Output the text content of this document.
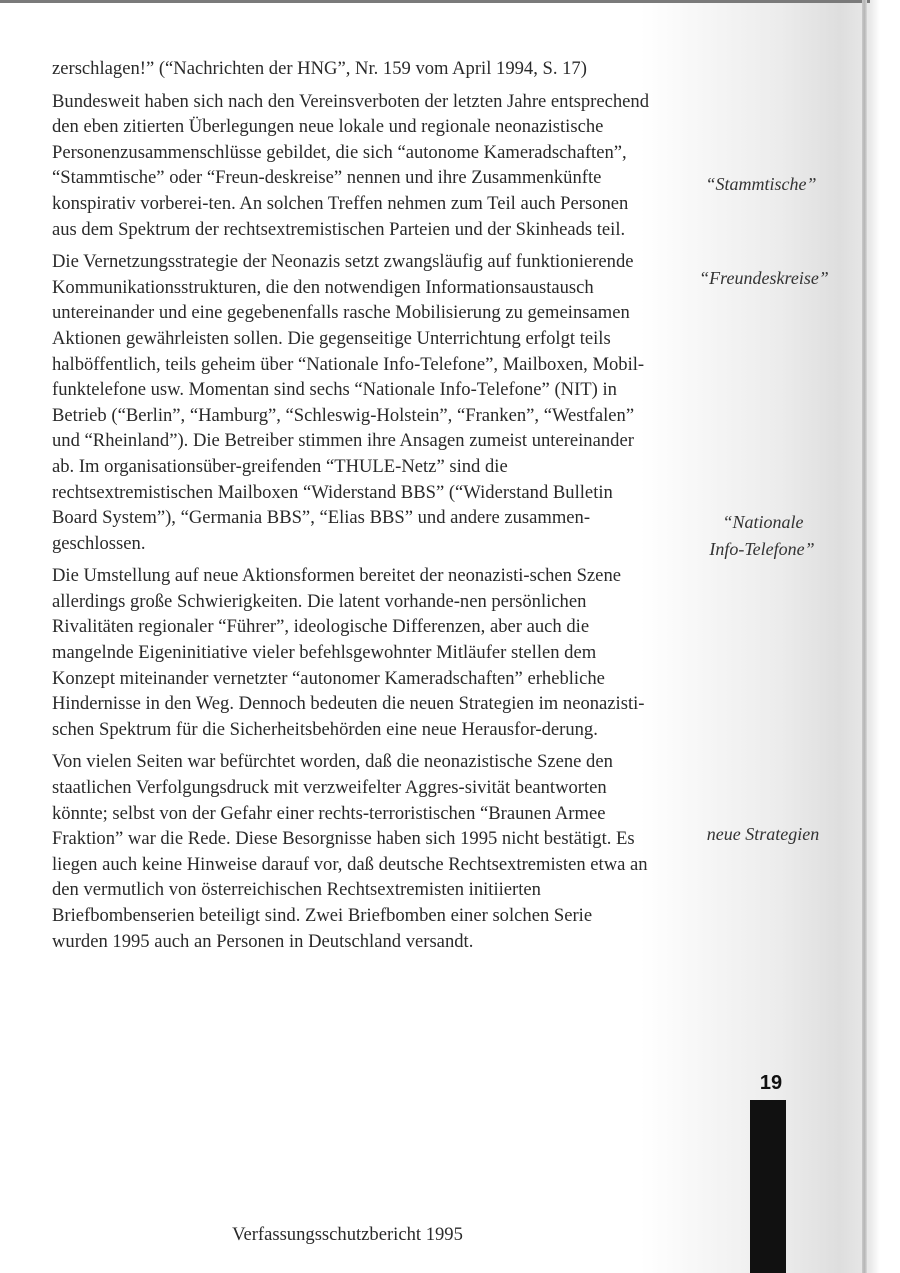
zerschlagen!” (“Nachrichten der HNG”, Nr. 159 vom April 1994, S. 17)

Bundesweit haben sich nach den Vereinsverboten der letzten Jahre entsprechend den eben zitierten Überlegungen neue lokale und regionale neonazistische Personenzusammenschlüsse gebildet, die sich “autonome Kameradschaften”, “Stammtische” oder “Freun-deskreise” nennen und ihre Zusammenkünfte konspirativ vorberei-ten. An solchen Treffen nehmen zum Teil auch Personen aus dem Spektrum der rechtsextremistischen Parteien und der Skinheads teil.

Die Vernetzungsstrategie der Neonazis setzt zwangsläufig auf funktionierende Kommunikationsstrukturen, die den notwendigen Informationsaustausch untereinander und eine gegebenenfalls rasche Mobilisierung zu gemeinsamen Aktionen gewährleisten sollen. Die gegenseitige Unterrichtung erfolgt teils halböffentlich, teils geheim über “Nationale Info-Telefone”, Mailboxen, Mobil-funktelefone usw. Momentan sind sechs “Nationale Info-Telefone” (NIT) in Betrieb (“Berlin”, “Hamburg”, “Schleswig-Holstein”, “Franken”, “Westfalen” und “Rheinland”). Die Betreiber stimmen ihre Ansagen zumeist untereinander ab. Im organisationsüber-greifenden “THULE-Netz” sind die rechtsextremistischen Mailboxen “Widerstand BBS” (“Widerstand Bulletin Board System”), “Germania BBS”, “Elias BBS” und andere zusammen-geschlossen.

Die Umstellung auf neue Aktionsformen bereitet der neonazisti-schen Szene allerdings große Schwierigkeiten. Die latent vorhande-nen persönlichen Rivalitäten regionaler “Führer”, ideologische Differenzen, aber auch die mangelnde Eigeninitiative vieler befehlsgewohnter Mitläufer stellen dem Konzept miteinander vernetzter “autonomer Kameradschaften” erhebliche Hindernisse in den Weg. Dennoch bedeuten die neuen Strategien im neonazisti-schen Spektrum für die Sicherheitsbehörden eine neue Herausfor-derung.

Von vielen Seiten war befürchtet worden, daß die neonazistische Szene den staatlichen Verfolgungsdruck mit verzweifelter Aggres-sivität beantworten könnte; selbst von der Gefahr einer rechts-terroristischen “Braunen Armee Fraktion” war die Rede. Diese Besorgnisse haben sich 1995 nicht bestätigt. Es liegen auch keine Hinweise darauf vor, daß deutsche Rechtsextremisten etwa an den vermutlich von österreichischen Rechtsextremisten initiierten Briefbombenserien beteiligt sind. Zwei Briefbomben einer solchen Serie wurden 1995 auch an Personen in Deutschland versandt.

“Stammtische”
“Freundeskreise”
“Nationale
Info-Telefone”
neue Strategien
19
Verfassungsschutzbericht 1995
